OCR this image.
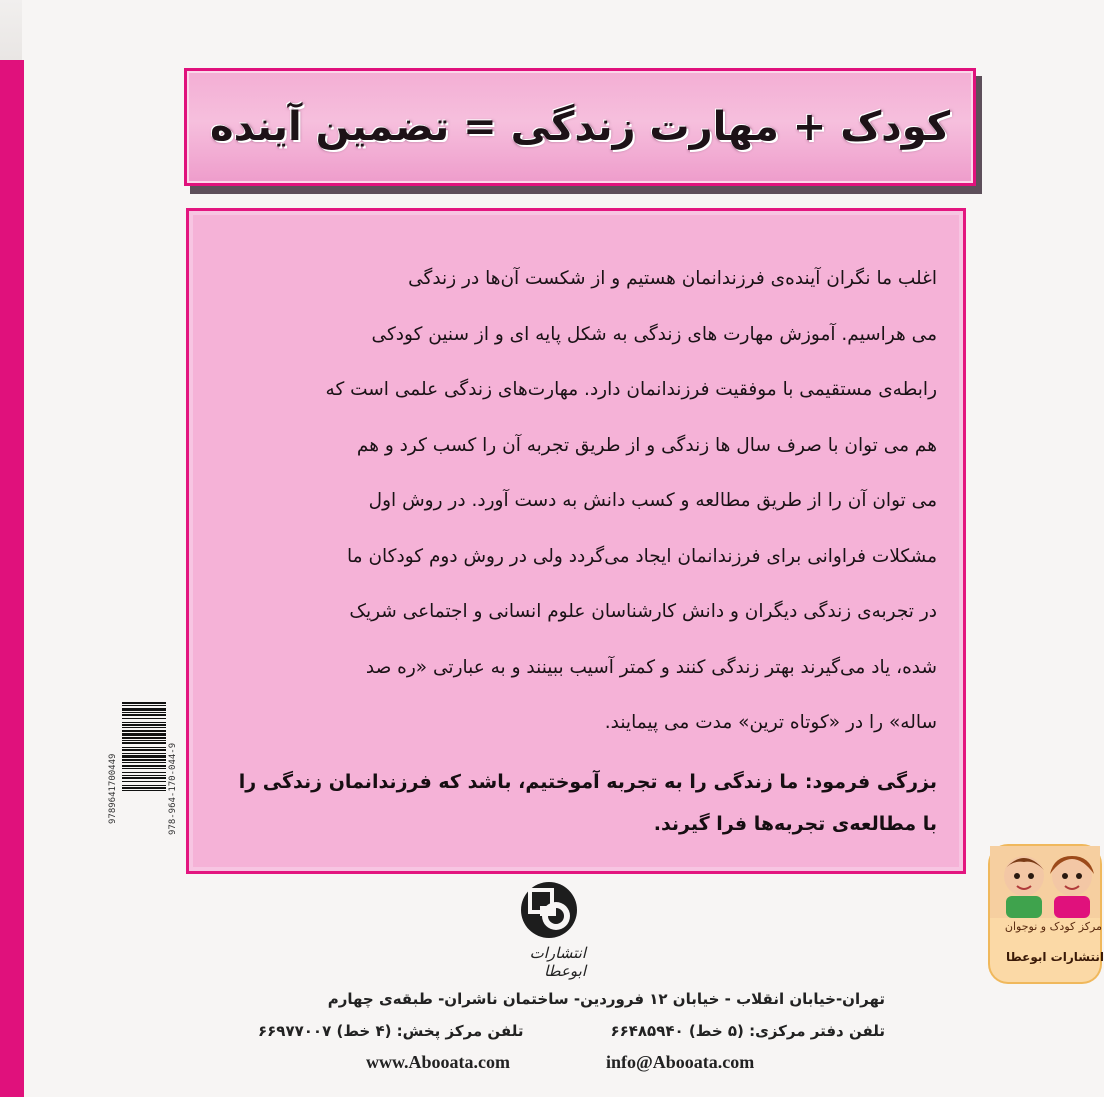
کودک + مهارت زندگی = تضمین آینده
اغلب ما نگران آینده‌ی فرزندانمان هستیم و از شکست آن‌ها در زندگی
می هراسیم. آموزش مهارت های زندگی به شکل پایه ای و از سنین کودکی
رابطه‌ی مستقیمی با موفقیت فرزندانمان دارد. مهارت‌های زندگی علمی است که
هم می توان با صرف سال ها زندگی و از طریق تجربه آن را کسب کرد و هم
می توان آن را از طریق مطالعه و کسب دانش به دست آورد. در روش اول
مشکلات فراوانی برای فرزندانمان ایجاد می‌گردد ولی در روش دوم کودکان ما
در تجربه‌ی زندگی دیگران و دانش کارشناسان علوم انسانی و اجتماعی شریک
شده، یاد می‌گیرند بهتر زندگی کنند و کمتر آسیب ببینند و به عبارتی «ره صد
ساله» را در «کوتاه ترین» مدت می پیمایند.
بزرگی فرمود: ما زندگی را به تجربه آموختیم، باشد که فرزندانمان زندگی را
با مطالعه‌ی تجربه‌ها فرا گیرند.
9789641700449	978-964-170-044-9
انتشارات ابوعطا
تهران-خیابان انقلاب - خیابان ۱۲ فروردین- ساختمان ناشران- طبقه‌ی چهارم
تلفن دفتر مرکزی: (۵ خط) ۶۶۴۸۵۹۴۰
تلفن مرکز پخش: (۴ خط) ۶۶۹۷۷۰۰۷
info@Abooata.com
www.Abooata.com
مرکز کودک و نوجوان
انتشارات ابوعطا
